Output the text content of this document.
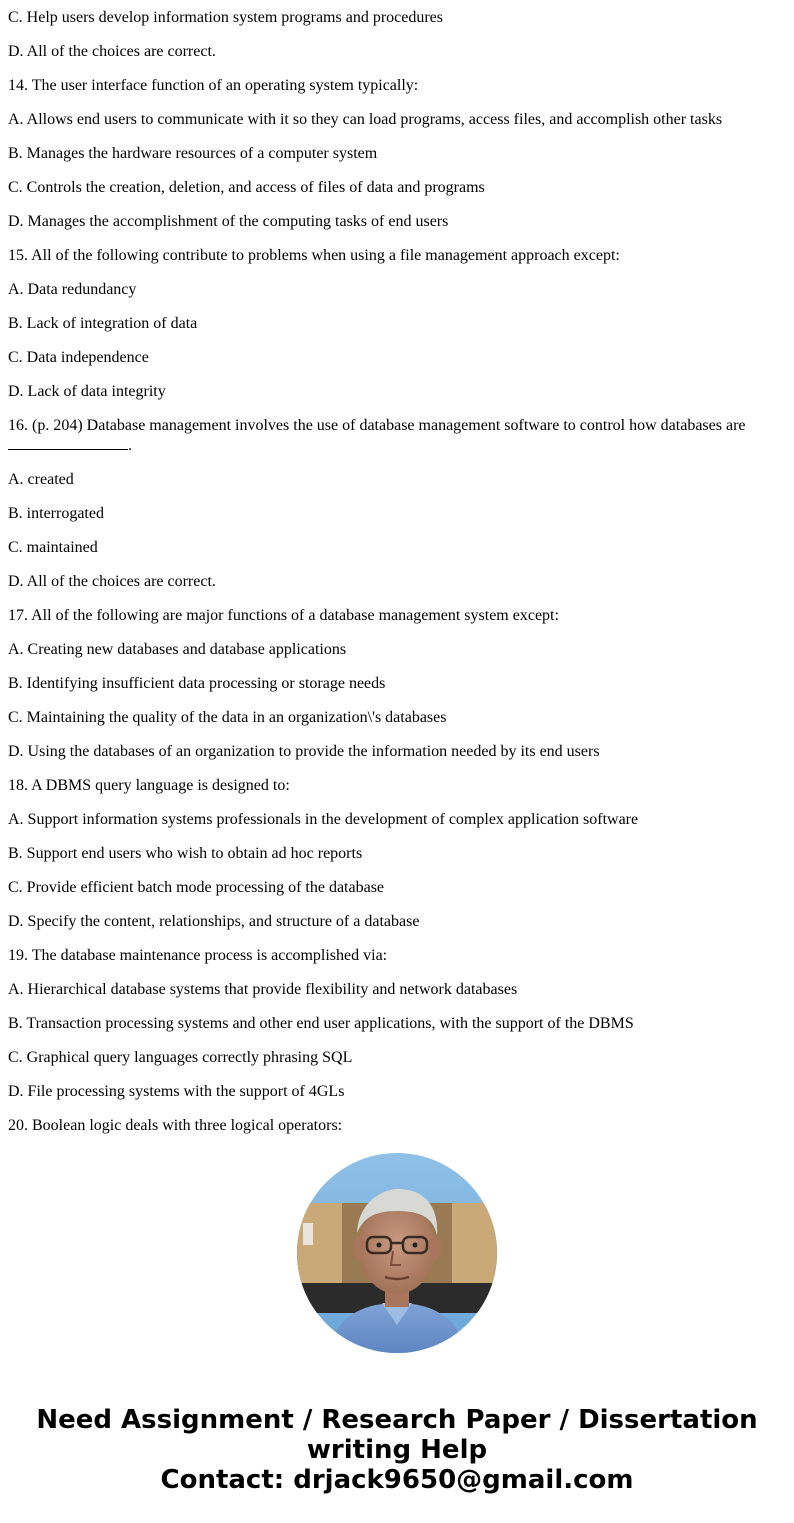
C. Help users develop information system programs and procedures

D. All of the choices are correct.

14. The user interface function of an operating system typically:

A. Allows end users to communicate with it so they can load programs, access files, and accomplish other tasks

B. Manages the hardware resources of a computer system

C. Controls the creation, deletion, and access of files of data and programs

D. Manages the accomplishment of the computing tasks of end users

15. All of the following contribute to problems when using a file management approach except:

A. Data redundancy

B. Lack of integration of data

C. Data independence

D. Lack of data integrity

16. (p. 204) Database management involves the use of database management software to control how databases are
.

A. created

B. interrogated

C. maintained

D. All of the choices are correct.

17. All of the following are major functions of a database management system except:

A. Creating new databases and database applications

B. Identifying insufficient data processing or storage needs

C. Maintaining the quality of the data in an organization\'s databases

D. Using the databases of an organization to provide the information needed by its end users

18. A DBMS query language is designed to:

A. Support information systems professionals in the development of complex application software

B. Support end users who wish to obtain ad hoc reports

C. Provide efficient batch mode processing of the database

D. Specify the content, relationships, and structure of a database

19. The database maintenance process is accomplished via:

A. Hierarchical database systems that provide flexibility and network databases

B. Transaction processing systems and other end user applications, with the support of the DBMS

C. Graphical query languages correctly phrasing SQL

D. File processing systems with the support of 4GLs

20. Boolean logic deals with three logical operators:

Need Assignment / Research Paper / Dissertation
writing Help
Contact: drjack9650@gmail.com
